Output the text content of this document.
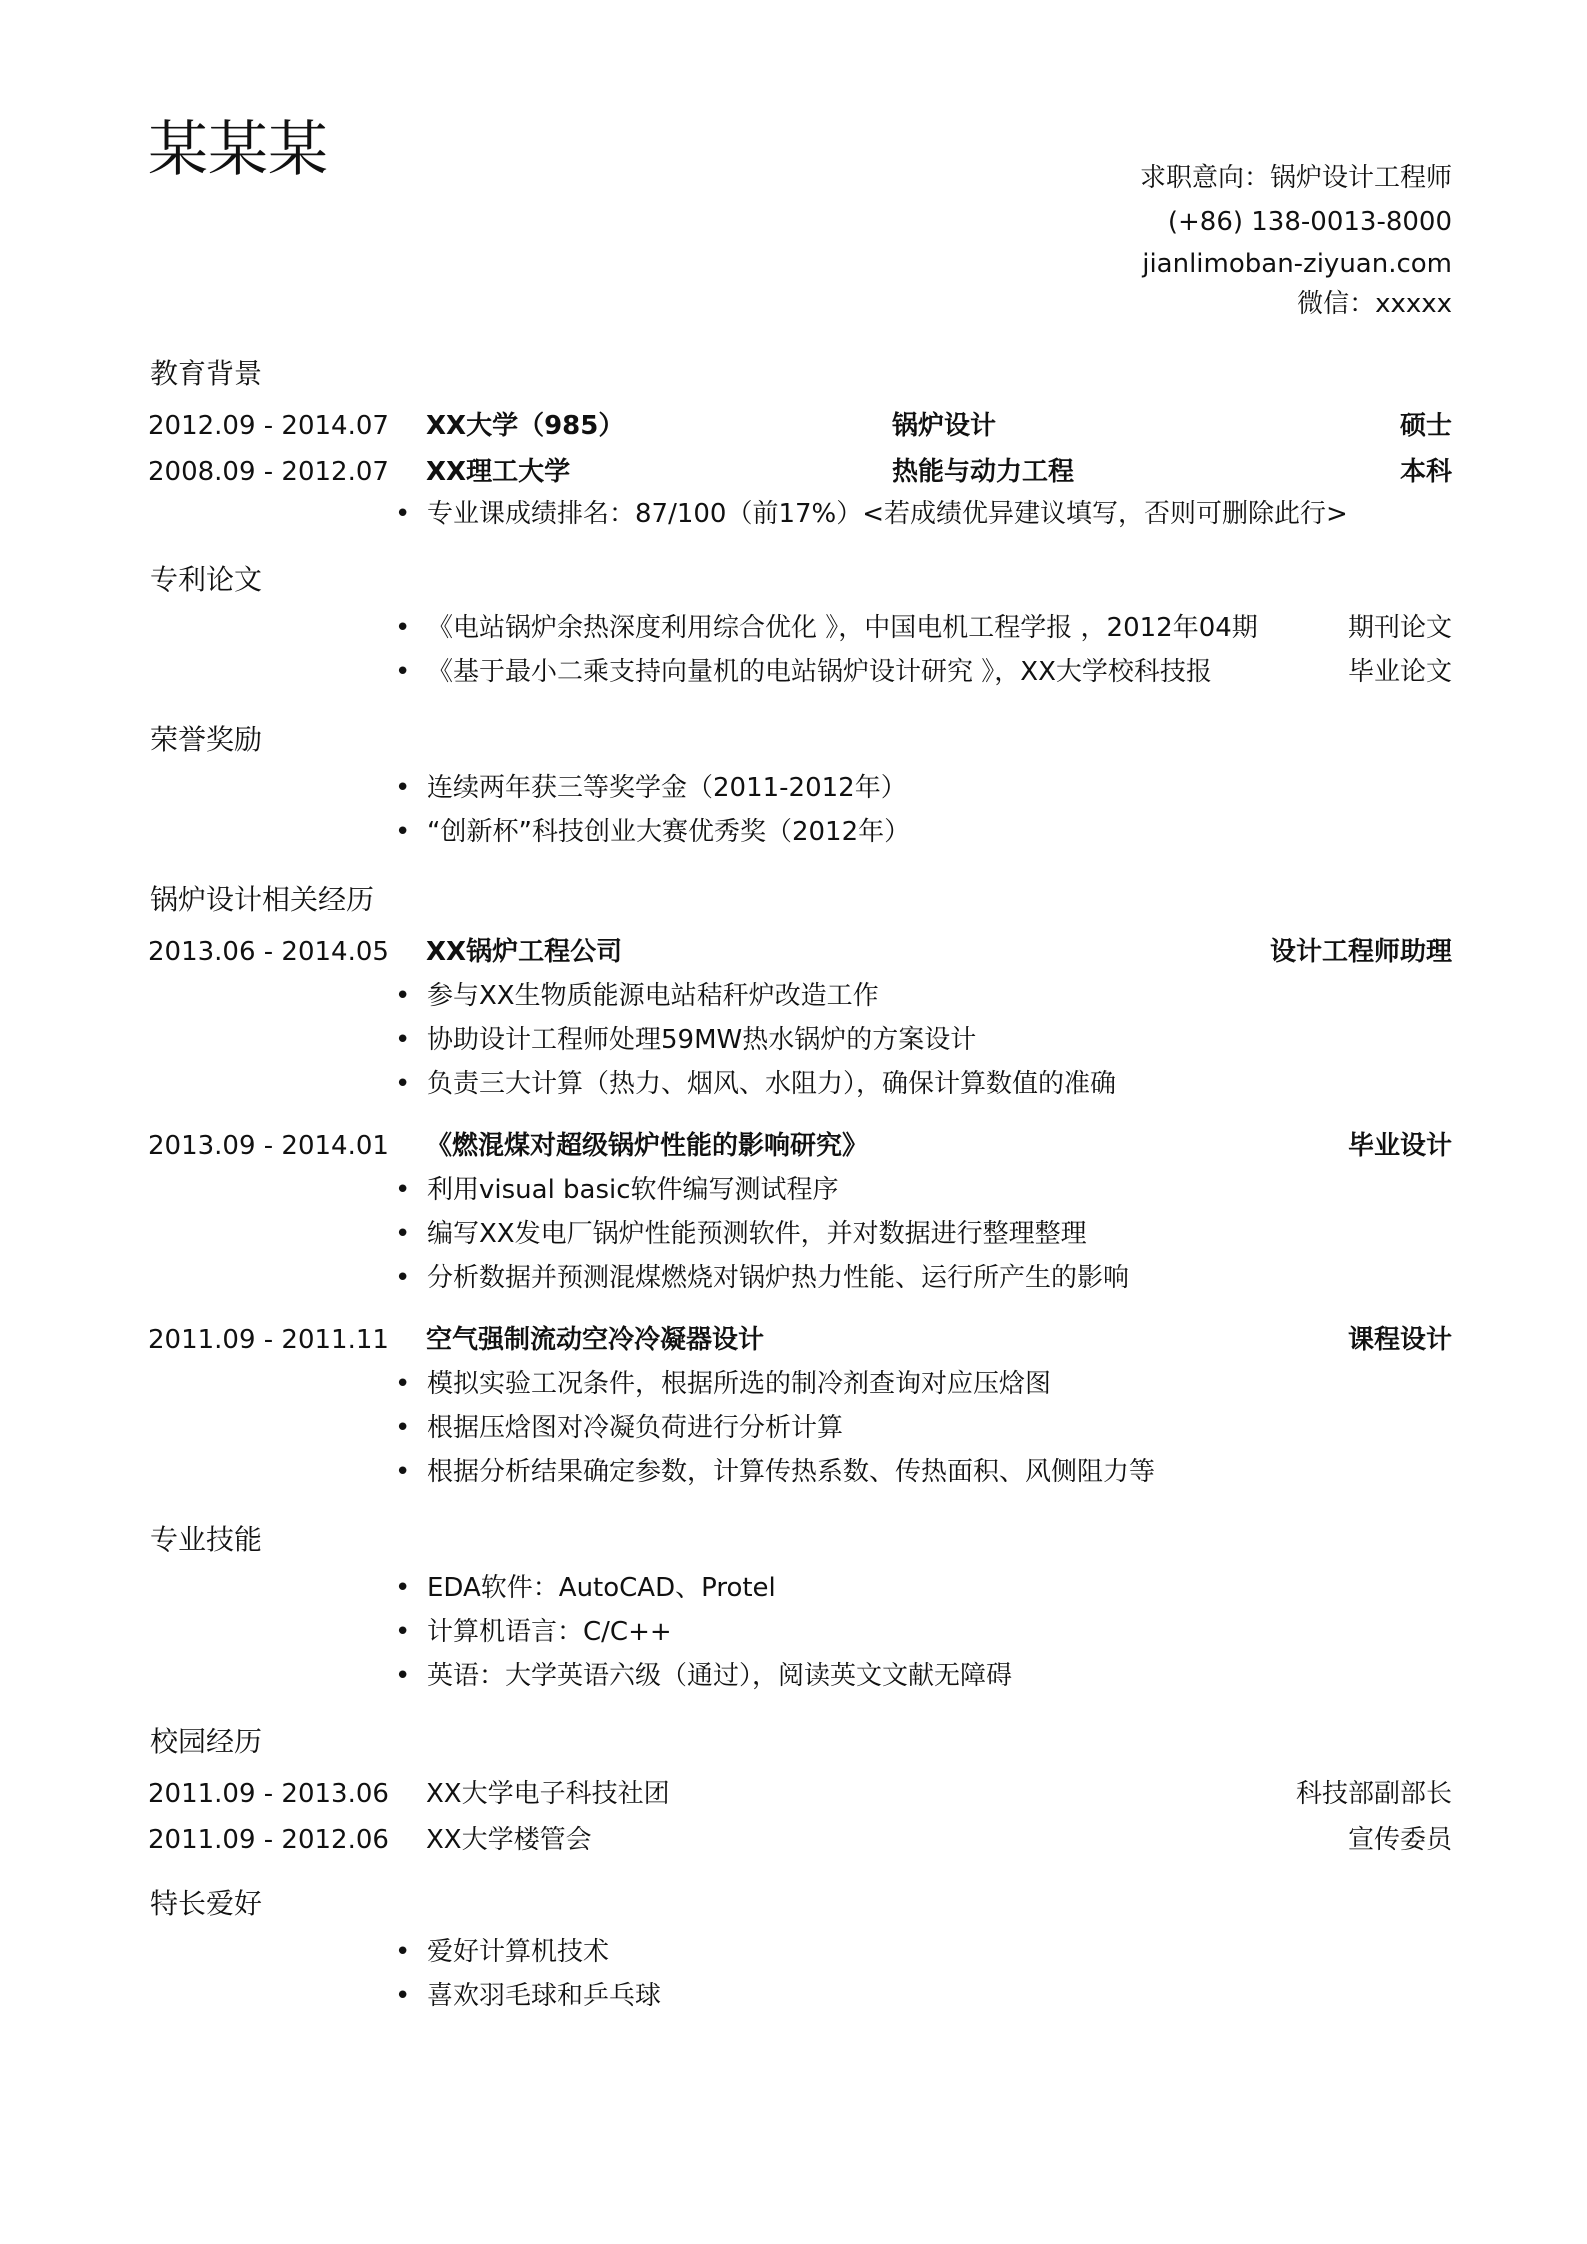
某某某	求职意向：锅炉设计工程师
(+86) 138-0013-8000
jianlimoban-ziyuan.com
微信：xxxxx
教育背景
2012.09 - 2014.07 XX大学（985）	锅炉设计	硕士
2008.09 - 2012.07 XX理工大学	热能与动力工程	本科
• 专业课成绩排名：87/100（前17%）<若成绩优异建议填写，否则可删除此行>
专利论文
• 《电站锅炉余热深度利用综合优化 》，中国电机工程学报 ，2012年04期	期刊论文
• 《基于最小二乘支持向量机的电站锅炉设计研究 》，XX大学校科技报	毕业论文
荣誉奖励
• 连续两年获三等奖学金（2011-2012年）
• “创新杯”科技创业大赛优秀奖（2012年）
锅炉设计相关经历
2013.06 - 2014.05 XX锅炉工程公司	设计工程师助理
• 参与XX生物质能源电站秸秆炉改造工作
• 协助设计工程师处理59MW热水锅炉的方案设计
• 负责三大计算（热力、烟风、水阻力），确保计算数值的准确
2013.09 - 2014.01 《燃混煤对超级锅炉性能的影响研究》	毕业设计
• 利用visual basic软件编写测试程序
• 编写XX发电厂锅炉性能预测软件，并对数据进行整理整理
• 分析数据并预测混煤燃烧对锅炉热力性能、运行所产生的影响
2011.09 - 2011.11 空气强制流动空冷冷凝器设计	课程设计
• 模拟实验工况条件，根据所选的制冷剂查询对应压焓图
• 根据压焓图对冷凝负荷进行分析计算
• 根据分析结果确定参数，计算传热系数、传热面积、风侧阻力等
专业技能
• EDA软件：AutoCAD、Protel
• 计算机语言：C/C++
• 英语：大学英语六级（通过），阅读英文文献无障碍
校园经历
2011.09 - 2013.06 XX大学电子科技社团	科技部副部长
2011.09 - 2012.06 XX大学楼管会	宣传委员
特长爱好
• 爱好计算机技术
• 喜欢羽毛球和乒乓球
